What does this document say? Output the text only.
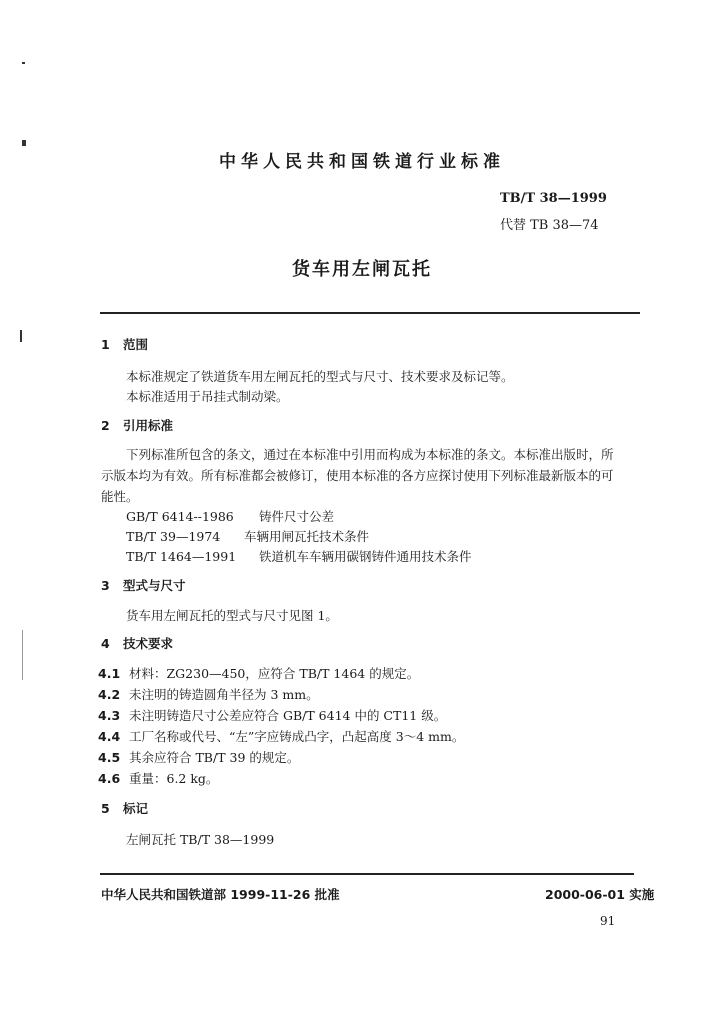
中华人民共和国铁道行业标准
TB/T 38—1999
代替 TB 38—74
货车用左闸瓦托
1 范围
本标准规定了铁道货车用左闸瓦托的型式与尺寸、技术要求及标记等。
本标准适用于吊挂式制动梁。
2 引用标准
下列标准所包含的条文，通过在本标准中引用而构成为本标准的条文。本标准出版时，所示版本均为有效。所有标准都会被修订，使用本标准的各方应探讨使用下列标准最新版本的可能性。
GB/T 6414--1986 铸件尺寸公差
TB/T 39—1974 车辆用闸瓦托技术条件
TB/T 1464—1991 铁道机车车辆用碳钢铸件通用技术条件
3 型式与尺寸
货车用左闸瓦托的型式与尺寸见图 1。
4 技术要求
4.1 材料：ZG230—450，应符合 TB/T 1464 的规定。
4.2 未注明的铸造圆角半径为 3 mm。
4.3 未注明铸造尺寸公差应符合 GB/T 6414 中的 CT11 级。
4.4 工厂名称或代号、“左”字应铸成凸字，凸起高度 3～4 mm。
4.5 其余应符合 TB/T 39 的规定。
4.6 重量：6.2 kg。
5 标记
左闸瓦托 TB/T 38—1999
中华人民共和国铁道部 1999-11-26 批准	2000-06-01 实施
91
